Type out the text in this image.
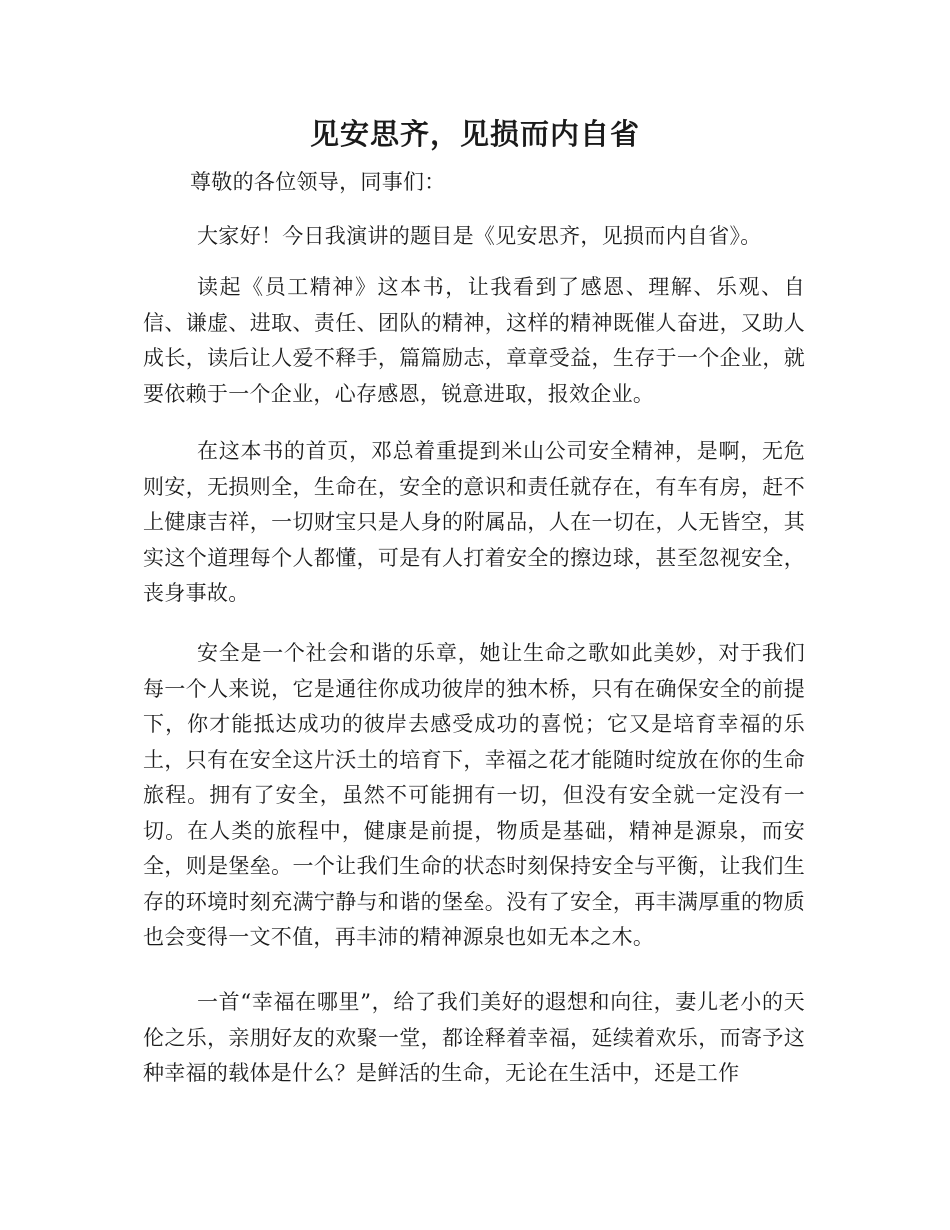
见安思齐，见损而内自省
尊敬的各位领导，同事们：

大家好！今日我演讲的题目是《见安思齐，见损而内自省》。

读起《员工精神》这本书，让我看到了感恩、理解、乐观、自信、谦虚、进取、责任、团队的精神，这样的精神既催人奋进，又助人成长，读后让人爱不释手，篇篇励志，章章受益，生存于一个企业，就要依赖于一个企业，心存感恩，锐意进取，报效企业。

在这本书的首页，邓总着重提到米山公司安全精神，是啊，无危则安，无损则全，生命在，安全的意识和责任就存在，有车有房，赶不上健康吉祥，一切财宝只是人身的附属品，人在一切在，人无皆空，其实这个道理每个人都懂，可是有人打着安全的擦边球，甚至忽视安全，丧身事故。

安全是一个社会和谐的乐章，她让生命之歌如此美妙，对于我们每一个人来说，它是通往你成功彼岸的独木桥，只有在确保安全的前提下，你才能抵达成功的彼岸去感受成功的喜悦；它又是培育幸福的乐土，只有在安全这片沃土的培育下，幸福之花才能随时绽放在你的生命旅程。拥有了安全，虽然不可能拥有一切，但没有安全就一定没有一切。在人类的旅程中，健康是前提，物质是基础，精神是源泉，而安全，则是堡垒。一个让我们生命的状态时刻保持安全与平衡，让我们生存的环境时刻充满宁静与和谐的堡垒。没有了安全，再丰满厚重的物质也会变得一文不值，再丰沛的精神源泉也如无本之木。

一首“幸福在哪里”，给了我们美好的遐想和向往，妻儿老小的天伦之乐，亲朋好友的欢聚一堂，都诠释着幸福，延续着欢乐，而寄予这种幸福的载体是什么？是鲜活的生命，无论在生活中，还是工作
